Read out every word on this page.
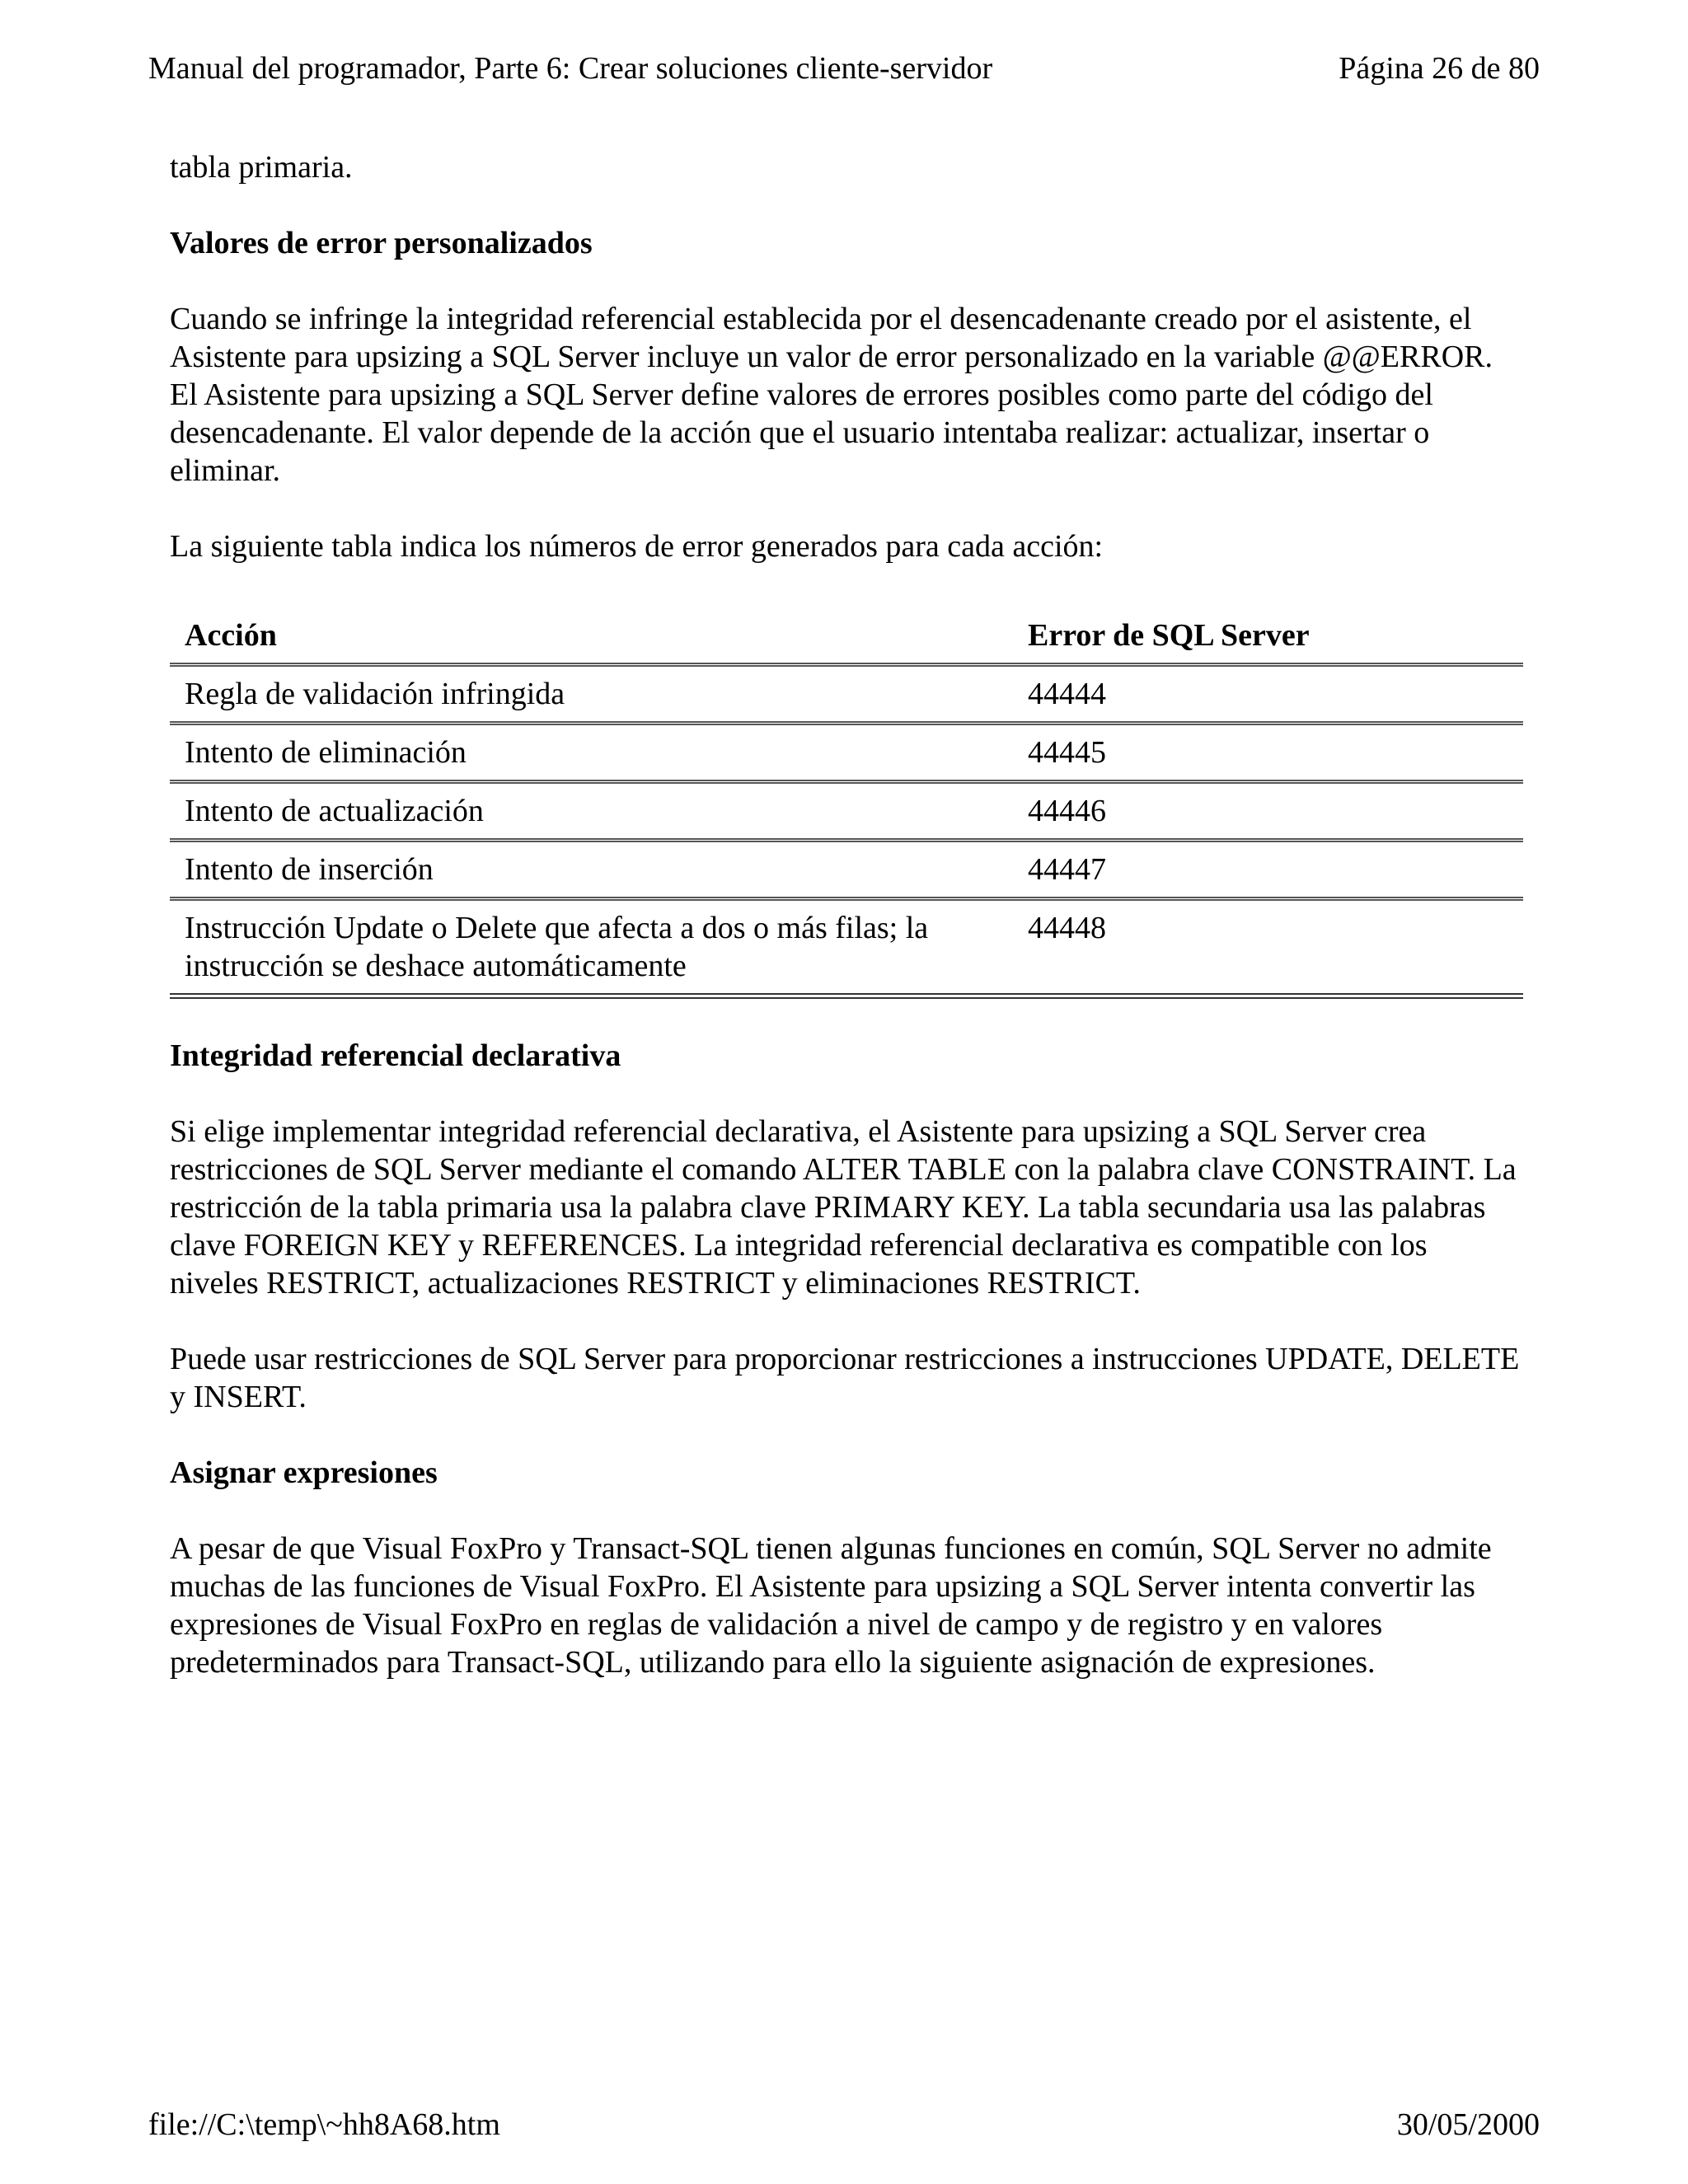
Manual del programador, Parte 6: Crear soluciones cliente-servidor	Página 26 de 80

tabla primaria.

Valores de error personalizados

Cuando se infringe la integridad referencial establecida por el desencadenante creado por el asistente, el Asistente para upsizing a SQL Server incluye un valor de error personalizado en la variable @@ERROR. El Asistente para upsizing a SQL Server define valores de errores posibles como parte del código del desencadenante. El valor depende de la acción que el usuario intentaba realizar: actualizar, insertar o eliminar.

La siguiente tabla indica los números de error generados para cada acción:

Acción	Error de SQL Server
Regla de validación infringida	44444
Intento de eliminación	44445
Intento de actualización	44446
Intento de inserción	44447
Instrucción Update o Delete que afecta a dos o más filas; la instrucción se deshace automáticamente	44448
Integridad referencial declarativa

Si elige implementar integridad referencial declarativa, el Asistente para upsizing a SQL Server crea restricciones de SQL Server mediante el comando ALTER TABLE con la palabra clave CONSTRAINT. La restricción de la tabla primaria usa la palabra clave PRIMARY KEY. La tabla secundaria usa las palabras clave FOREIGN KEY y REFERENCES. La integridad referencial declarativa es compatible con los niveles RESTRICT, actualizaciones RESTRICT y eliminaciones RESTRICT.

Puede usar restricciones de SQL Server para proporcionar restricciones a instrucciones UPDATE, DELETE y INSERT.

Asignar expresiones

A pesar de que Visual FoxPro y Transact-SQL tienen algunas funciones en común, SQL Server no admite muchas de las funciones de Visual FoxPro. El Asistente para upsizing a SQL Server intenta convertir las expresiones de Visual FoxPro en reglas de validación a nivel de campo y de registro y en valores predeterminados para Transact-SQL, utilizando para ello la siguiente asignación de expresiones.

file://C:\temp\~hh8A68.htm	30/05/2000
